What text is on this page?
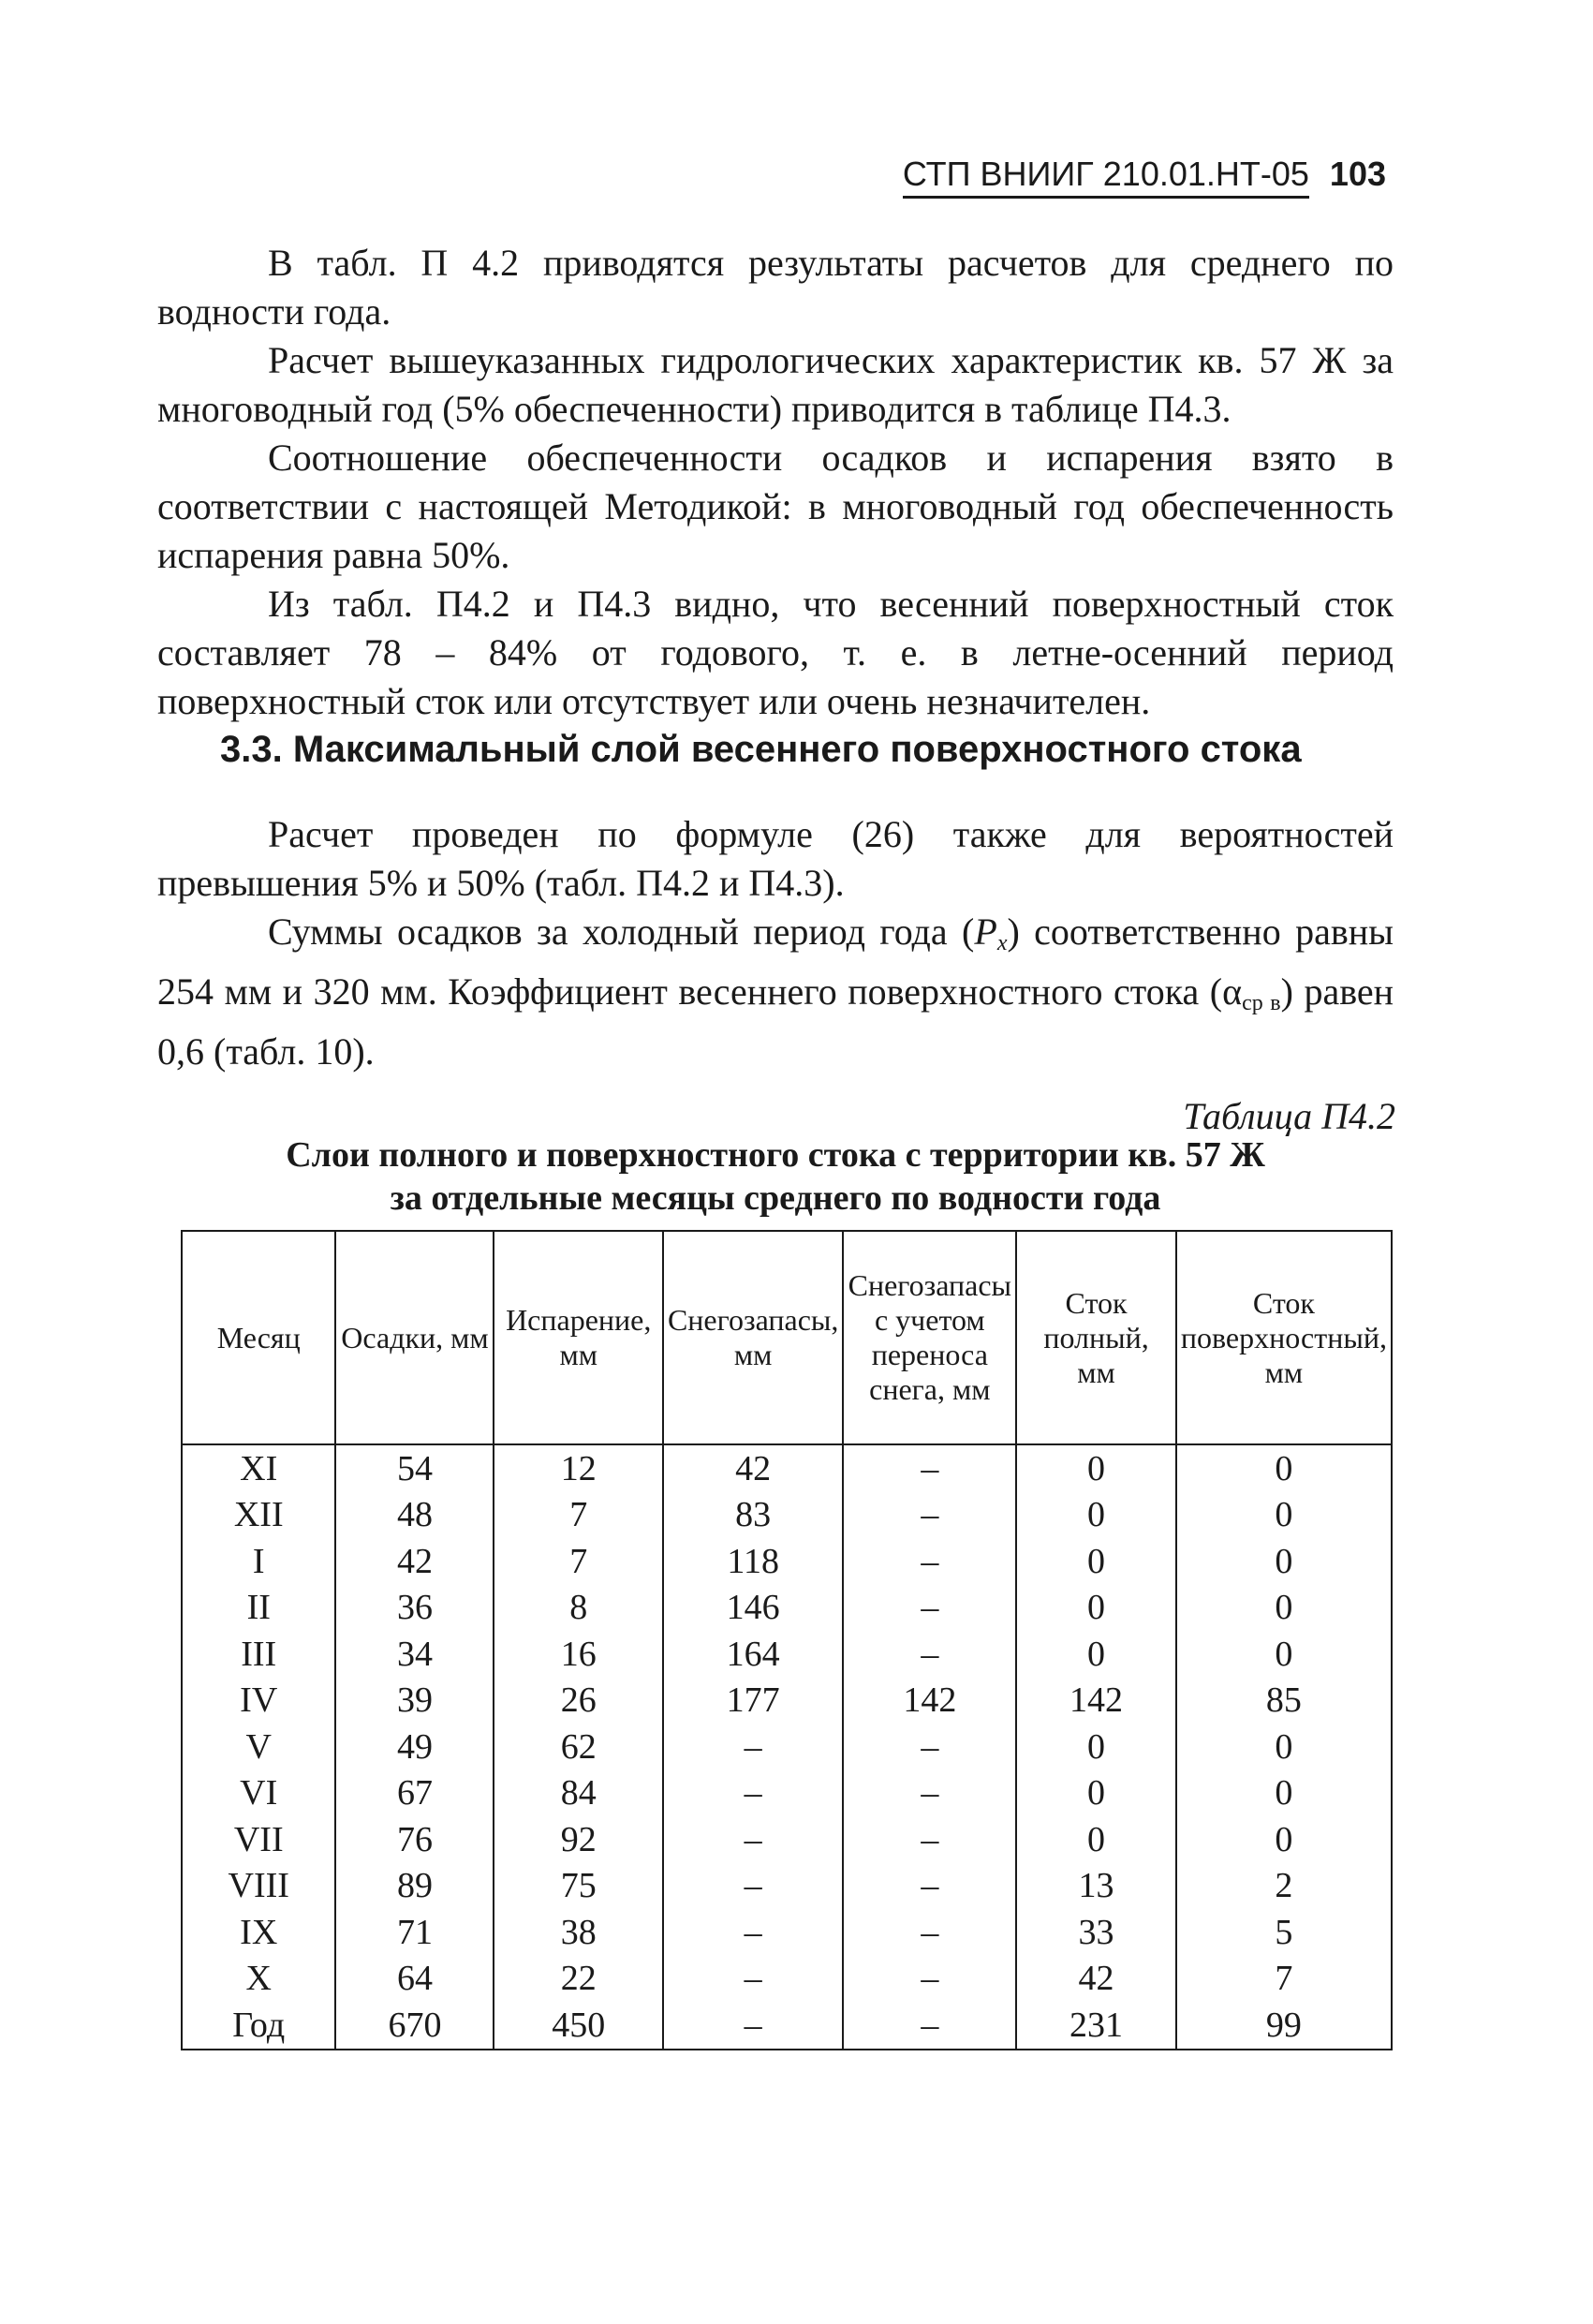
СТП ВНИИГ 210.01.НТ-05 103

В табл. П 4.2 приводятся результаты расчетов для среднего по водности года.

Расчет вышеуказанных гидрологических характеристик кв. 57 Ж за многоводный год (5% обеспеченности) приводится в таблице П4.3.

Соотношение обеспеченности осадков и испарения взято в соответствии с настоящей Методикой: в многоводный год обеспеченность испарения равна 50%.

Из табл. П4.2 и П4.3 видно, что весенний поверхностный сток составляет 78 – 84% от годового, т. е. в летне-осенний период поверхностный сток или отсутствует или очень незначителен.

3.3. Максимальный слой весеннего поверхностного стока

Расчет проведен по формуле (26) также для вероятностей превышения 5% и 50% (табл. П4.2 и П4.3).

Суммы осадков за холодный период года $(P_x)$ соответственно равны 254 мм и 320 мм. Коэффициент весеннего поверхностного стока $(\alpha_{ср в})$ равен 0,6 (табл. 10).

Таблица П4.2
Слои полного и поверхностного стока с территории кв. 57 Ж
за отдельные месяцы среднего по водности года
Месяц	Осадки, мм	Испарение, мм	Снегозапасы, мм	Снегозапасы с учетом переноса снега, мм	Сток полный, мм	Сток поверхностный, мм
XI	54	12	42	–	0	0
XII	48	7	83	–	0	0
I	42	7	118	–	0	0
II	36	8	146	–	0	0
III	34	16	164	–	0	0
IV	39	26	177	142	142	85
V	49	62	–	–	0	0
VI	67	84	–	–	0	0
VII	76	92	–	–	0	0
VIII	89	75	–	–	13	2
IX	71	38	–	–	33	5
X	64	22	–	–	42	7
Год	670	450	–	–	231	99
